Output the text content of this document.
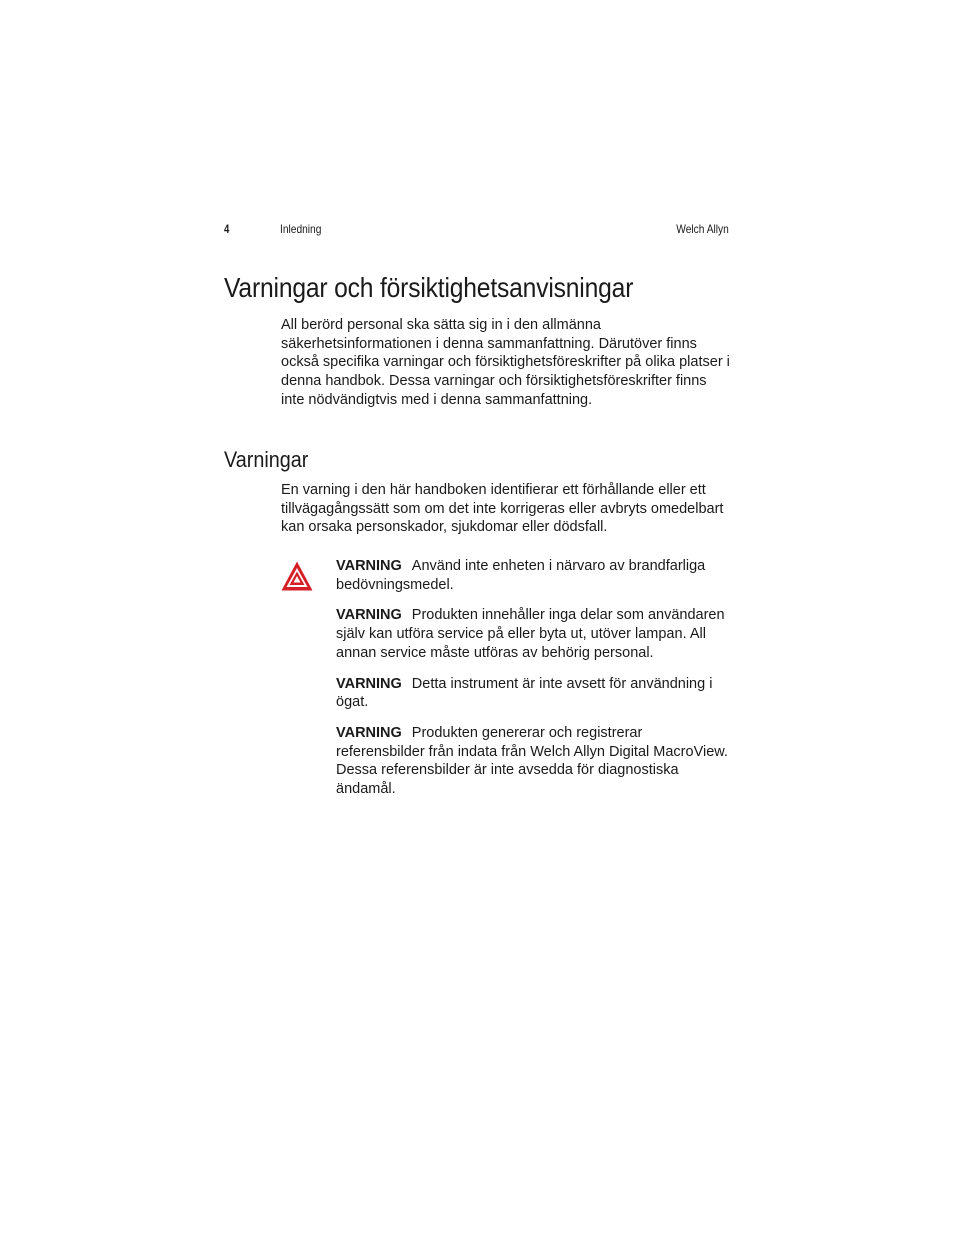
4	Inledning	Welch Allyn
Varningar och försiktighetsanvisningar

All berörd personal ska sätta sig in i den allmänna säkerhetsinformationen i denna sammanfattning. Därutöver finns också specifika varningar och försiktighetsföreskrifter på olika platser i denna handbok. Dessa varningar och försiktighetsföreskrifter finns inte nödvändigtvis med i denna sammanfattning.

Varningar

En varning i den här handboken identifierar ett förhållande eller ett tillvägagångssätt som om det inte korrigeras eller avbryts omedelbart kan orsaka personskador, sjukdomar eller dödsfall.

VARNING Använd inte enheten i närvaro av brandfarliga bedövningsmedel.

VARNING Produkten innehåller inga delar som användaren själv kan utföra service på eller byta ut, utöver lampan. All annan service måste utföras av behörig personal.

VARNING Detta instrument är inte avsett för användning i ögat.

VARNING Produkten genererar och registrerar referensbilder från indata från Welch Allyn Digital MacroView. Dessa referensbilder är inte avsedda för diagnostiska ändamål.
